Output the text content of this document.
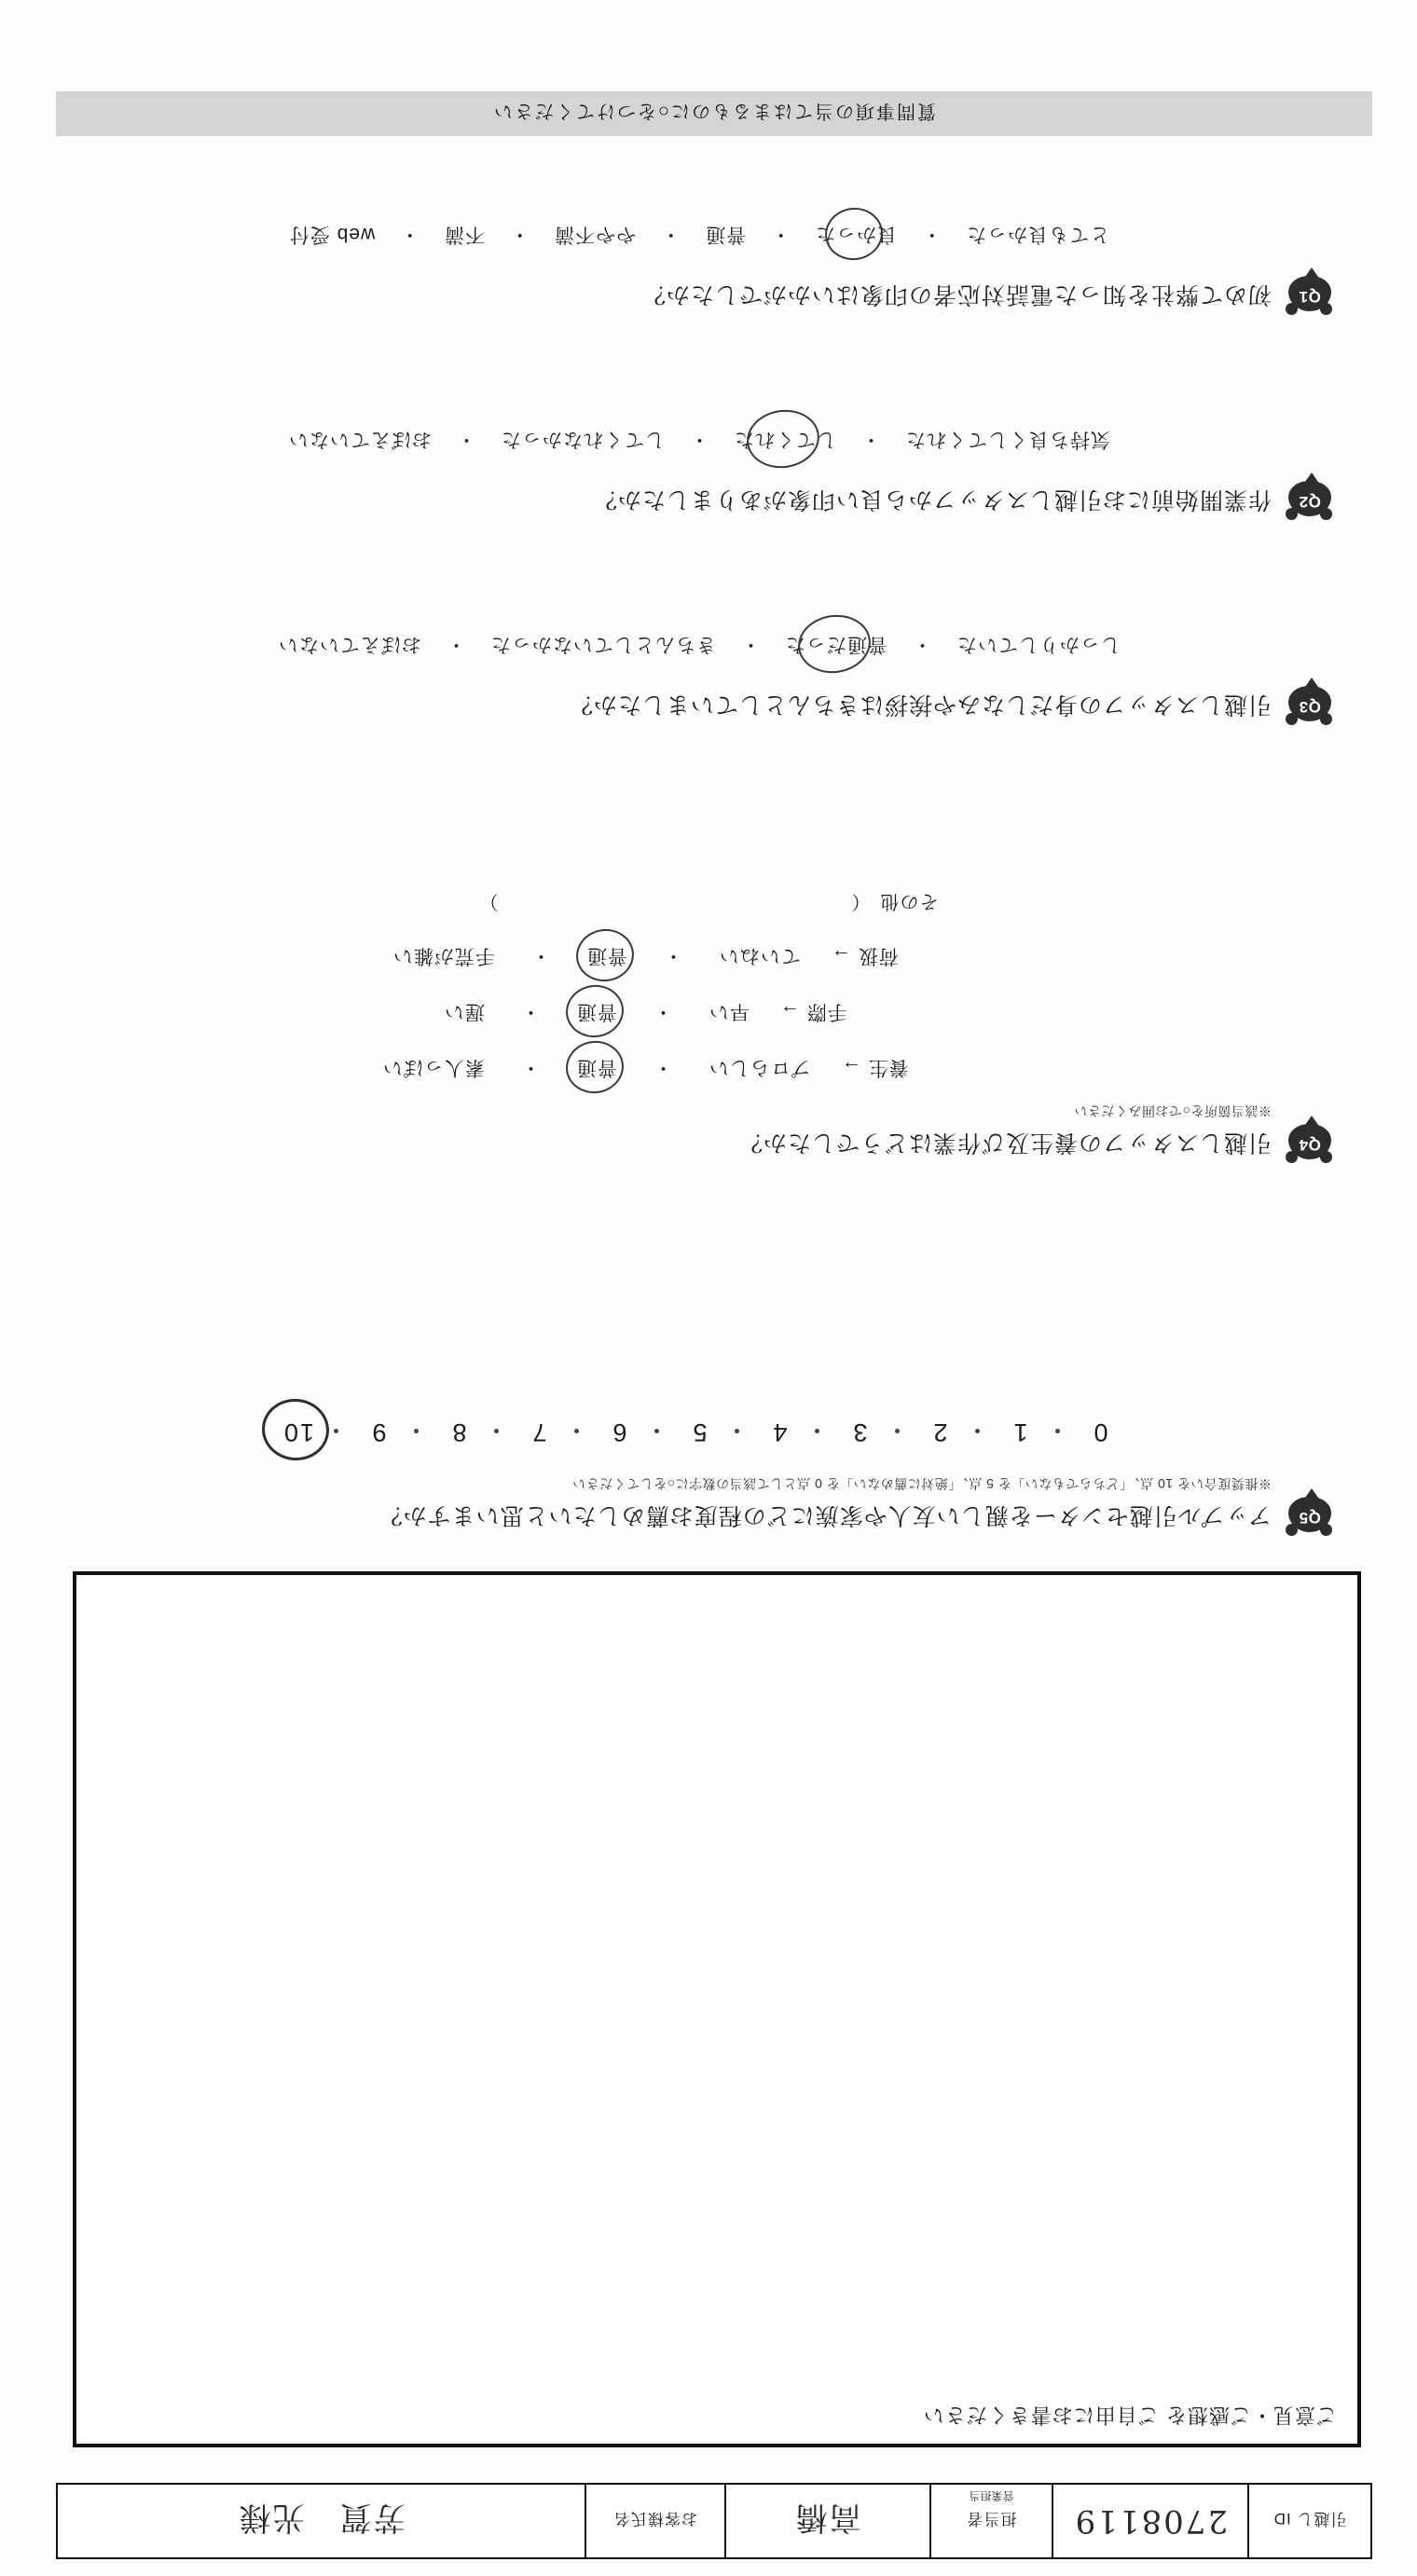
引越し ID
2708119
担当者
営業担当
高橋
お客様氏名
芳賀　光様
ご意見・ご感想を ご自由にお書きください
Q5
アップル引越センターを親しい友人や家族にどの程度お薦めしたいと思いますか？
※推奨度合いを 10 点、「どちらでもない」を 5 点、「絶対に薦めない」を 0 点として該当の数字に○をしてください
0
・
1
・
2
・
3
・
4
・
5
・
6
・
7
・
8
・
9
・
10
Q4
引越しスタッフの養生及び作業はどうでしたか？
※該当箇所を○でお囲みください
養生 →
プロらしい
・
普通
・
素人っぽい
手際 →
早い
・
普通
・
遅い
荷扱 →
ていねい
・
普通
・
手荒が雑い
その他
（　　　　　　　　　　　　　　　　　　）
Q3
引越しスタッフの身だしなみや挨拶はきちんとしていましたか？
しっかりしていた
・
普通だった
・
きちんとしていなかった
・
おぼえていない
Q2
作業開始前にお引越しスタッフから良い印象がありましたか？
気持ち良くしてくれた
・
してくれた
・
してくれなかった
・
おぼえていない
Q1
初めて弊社を知った電話対応者の印象はいかがでしたか？
とても良かった
・
良かった
・
普通
・
やや不満
・
不満
・
web 受付
質問事項の当てはまるものに○をつけてください
